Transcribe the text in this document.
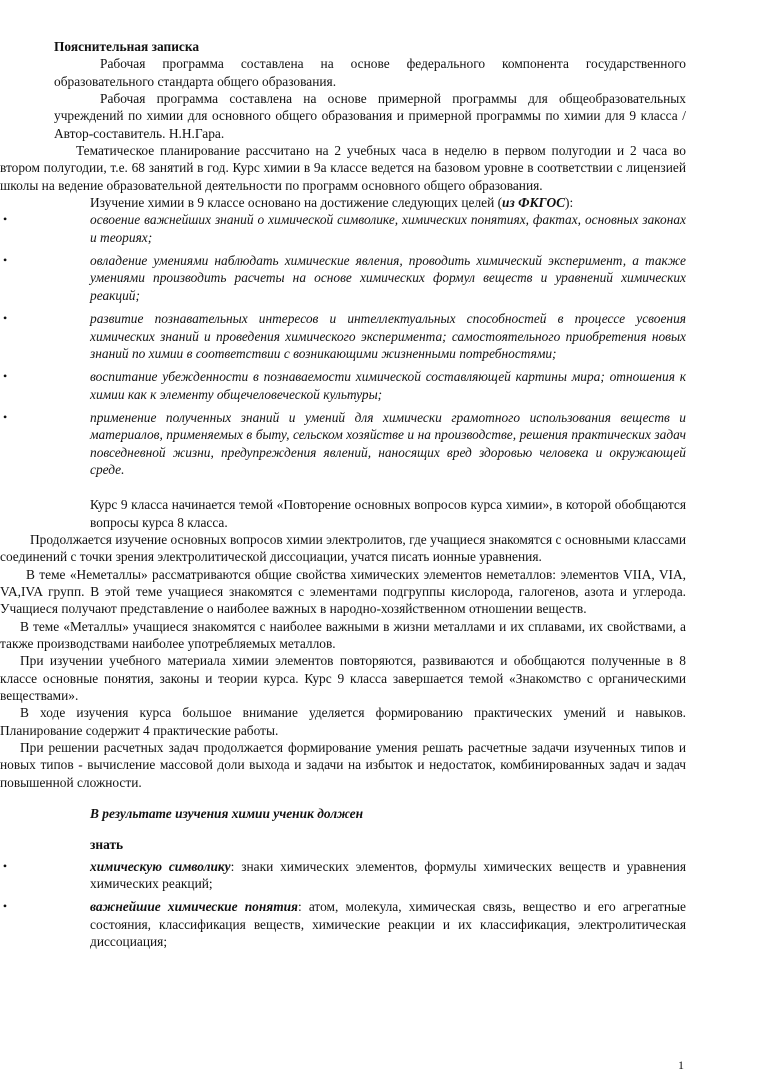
Пояснительная записка

Рабочая программа составлена на основе федерального компонента государственного образовательного стандарта общего образования.

Рабочая программа составлена на основе примерной программы для общеобразовательных учреждений по химии для основного общего образования и примерной программы по химии для 9 класса /Автор-составитель. Н.Н.Гара.

Тематическое планирование рассчитано на 2 учебных часа в неделю в первом полугодии и 2 часа во втором полугодии, т.е. 68 занятий в год. Курс химии в 9а классе ведется на базовом уровне в соответствии с лицензией школы на ведение образовательной деятельности по программ основного общего образования.

Изучение химии в 9 классе основано на достижение следующих целей (из ФКГОС):

•	освоение важнейших знаний о химической символике, химических понятиях, фактах, основных законах и теориях;
•	овладение умениями наблюдать химические явления, проводить химический эксперимент, а также умениями производить расчеты на основе химических формул веществ и уравнений химических реакций;
•	развитие познавательных интересов и интеллектуальных способностей в процессе усвоения химических знаний и проведения химического эксперимента; самостоятельного приобретения новых знаний по химии в соответствии с возникающими жизненными потребностями;
•	воспитание убежденности в познаваемости химической составляющей картины мира; отношения к химии как к элементу общечеловеческой культуры;
•	применение полученных знаний и умений для химически грамотного использования веществ и материалов, применяемых в быту, сельском хозяйстве и на производстве, решения практических задач повседневной жизни, предупреждения явлений, наносящих вред здоровью человека и окружающей среде.

Курс 9 класса начинается темой «Повторение основных вопросов курса химии», в которой обобщаются вопросы курса 8 класса.

Продолжается изучение основных вопросов химии электролитов, где учащиеся знакомятся с основными классами соединений с точки зрения электролитической диссоциации, учатся писать ионные уравнения.

В теме «Неметаллы» рассматриваются общие свойства химических элементов неметаллов: элементов VIIA, VIA, VA,IVA групп. В этой теме учащиеся знакомятся с элементами подгруппы кислорода, галогенов, азота и углерода. Учащиеся получают представление о наиболее важных в народно-хозяйственном отношении веществ.

В теме «Металлы» учащиеся знакомятся с наиболее важными в жизни металлами и их сплавами, их свойствами, а также производствами наиболее употребляемых металлов.

При изучении учебного материала химии элементов повторяются, развиваются и обобщаются полученные в 8 классе основные понятия, законы и теории курса. Курс 9 класса завершается темой «Знакомство с органическими веществами».

В ходе изучения курса большое внимание уделяется формированию практических умений и навыков. Планирование содержит 4 практические работы.

При решении расчетных задач продолжается формирование умения решать расчетные задачи изученных типов и новых типов - вычисление массовой доли выхода и задачи на избыток и недостаток, комбинированных задач и задач повышенной сложности.

В результате изучения химии ученик должен

знать

•	химическую символику: знаки химических элементов, формулы химических веществ и уравнения химических реакций;
•	важнейшие химические понятия: атом, молекула, химическая связь, вещество и его агрегатные состояния, классификация веществ, химические реакции и их классификация, электролитическая диссоциация;
1
